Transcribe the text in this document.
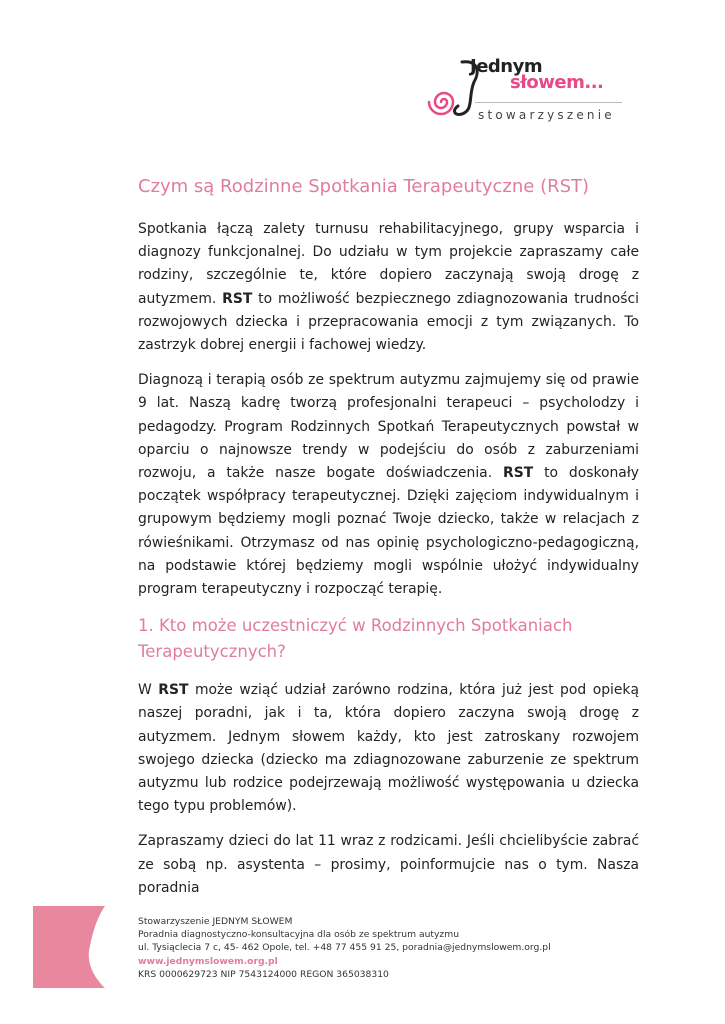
Jednym
słowem...
stowarzyszenie
Czym są Rodzinne Spotkania Terapeutyczne (RST)

Spotkania łączą zalety turnusu rehabilitacyjnego, grupy wsparcia i diagnozy funkcjonalnej. Do udziału w tym projekcie zapraszamy całe rodziny, szczególnie te, które dopiero zaczynają swoją drogę z autyzmem. RST to możliwość bezpiecznego zdiagnozowania trudności rozwojowych dziecka i przepracowania emocji z tym związanych. To zastrzyk dobrej energii i fachowej wiedzy.

Diagnozą i terapią osób ze spektrum autyzmu zajmujemy się od prawie 9 lat. Naszą kadrę tworzą profesjonalni terapeuci – psycholodzy i pedagodzy. Program Rodzinnych Spotkań Terapeutycznych powstał w oparciu o najnowsze trendy w podejściu do osób z zaburzeniami rozwoju, a także nasze bogate doświadczenia. RST to doskonały początek współpracy terapeutycznej. Dzięki zajęciom indywidualnym i grupowym będziemy mogli poznać Twoje dziecko, także w relacjach z rówieśnikami. Otrzymasz od nas opinię psychologiczno-pedagogiczną, na podstawie której będziemy mogli wspólnie ułożyć indywidualny program terapeutyczny i rozpocząć terapię.

1. Kto może uczestniczyć w Rodzinnych Spotkaniach Terapeutycznych?

W RST może wziąć udział zarówno rodzina, która już jest pod opieką naszej poradni, jak i ta, która dopiero zaczyna swoją drogę z autyzmem. Jednym słowem każdy, kto jest zatroskany rozwojem swojego dziecka (dziecko ma zdiagnozowane zaburzenie ze spektrum autyzmu lub rodzice podejrzewają możliwość występowania u dziecka tego typu problemów).

Zapraszamy dzieci do lat 11 wraz z rodzicami. Jeśli chcielibyście zabrać ze sobą np. asystenta – prosimy, poinformujcie nas o tym. Nasza poradnia

Stowarzyszenie JEDNYM SŁOWEM
Poradnia diagnostyczno-konsultacyjna dla osób ze spektrum autyzmu
ul. Tysiąclecia 7 c, 45- 462 Opole, tel. +48 77 455 91 25, poradnia@jednymslowem.org.pl
www.jednymslowem.org.pl
KRS 0000629723 NIP 7543124000 REGON 365038310
